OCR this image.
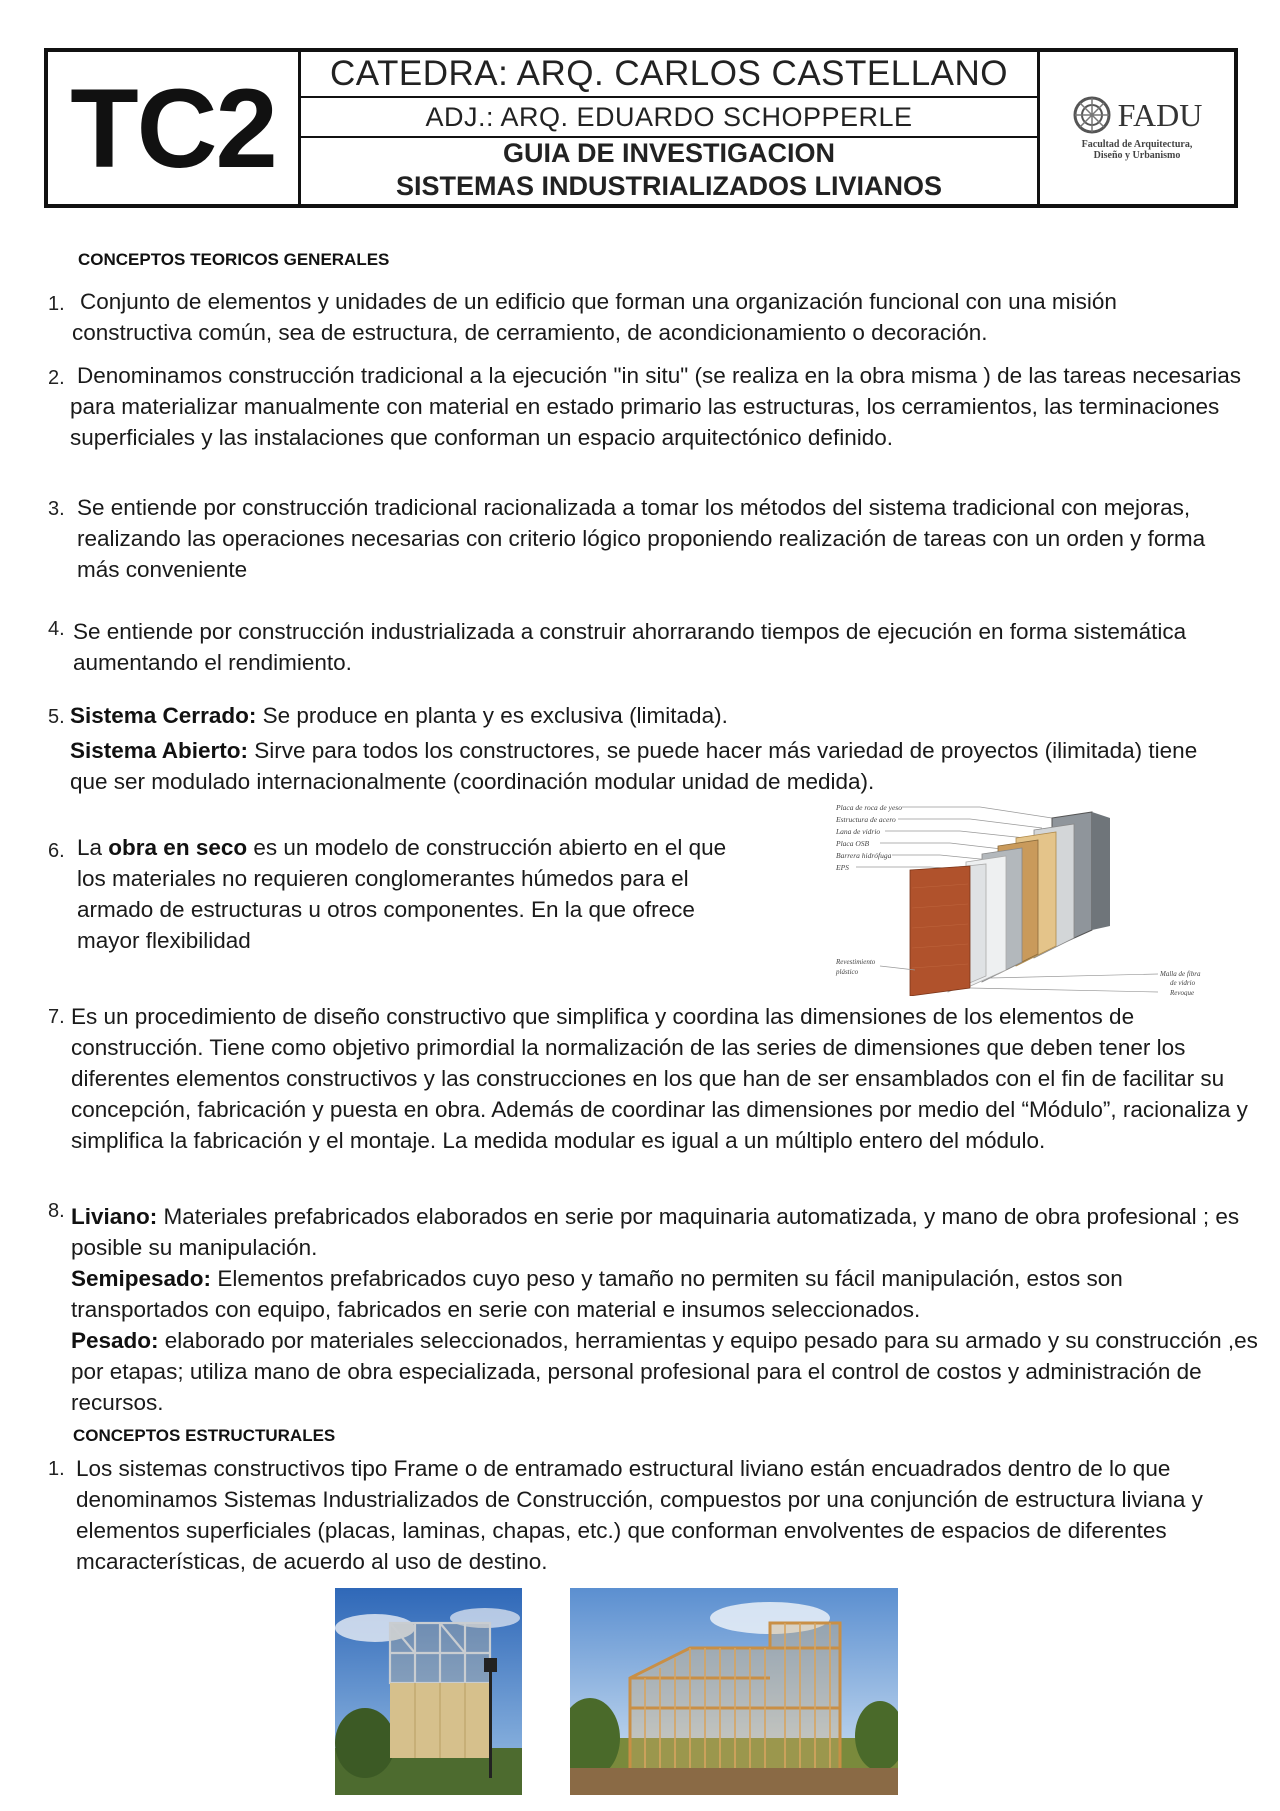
TC2	CATEDRA: ARQ. CARLOS CASTELLANO
ADJ.: ARQ. EDUARDO SCHOPPERLE
GUIA DE INVESTIGACION
SISTEMAS INDUSTRIALIZADOS LIVIANOS
FADU
Facultad de Arquitectura,
Diseño y Urbanismo
CONCEPTOS TEORICOS GENERALES
1. Conjunto de elementos y unidades de un edificio que forman una organización funcional con una misión constructiva común, sea de estructura, de cerramiento, de acondicionamiento o decoración.
2. Denominamos construcción tradicional a la ejecución "in situ" (se realiza en la obra misma ) de las tareas necesarias para materializar manualmente con material en estado primario las estructuras, los cerramientos, las terminaciones superficiales y las instalaciones que conforman un espacio arquitectónico definido.
3. Se entiende por construcción tradicional racionalizada a tomar los métodos del sistema tradicional con mejoras, realizando las operaciones necesarias con criterio lógico proponiendo realización de tareas con un orden y forma más conveniente
4. Se entiende por construcción industrializada a construir ahorrarando tiempos de ejecución en forma sistemática aumentando el rendimiento.
5. Sistema Cerrado: Se produce en planta y es exclusiva (limitada).
Sistema Abierto: Sirve para todos los constructores, se puede hacer más variedad de proyectos (ilimitada) tiene que ser modulado internacionalmente (coordinación modular unidad de medida).
6. La obra en seco es un modelo de construcción abierto en el que los materiales no requieren conglomerantes húmedos para el armado de estructuras u otros componentes. En la que ofrece mayor flexibilidad
Placa de roca de yeso
Estructura de acero
Lana de vidrio
Placa OSB
Barrera hidrófuga
EPS
Revestimiento
plástico	Malla de fibra
de vidrio
Revoque
7. Es un procedimiento de diseño constructivo que simplifica y coordina las dimensiones de los elementos de construcción. Tiene como objetivo primordial la normalización de las series de dimensiones que deben tener los diferentes elementos constructivos y las construcciones en los que han de ser ensamblados con el fin de facilitar su concepción, fabricación y puesta en obra. Además de coordinar las dimensiones por medio del “Módulo”, racionaliza y simplifica la fabricación y el montaje. La medida modular es igual a un múltiplo entero del módulo.
8. Liviano: Materiales prefabricados elaborados en serie por maquinaria automatizada, y mano de obra profesional ; es posible su manipulación.
Semipesado: Elementos prefabricados cuyo peso y tamaño no permiten su fácil manipulación, estos son transportados con equipo, fabricados en serie con material e insumos seleccionados.
Pesado: elaborado por materiales seleccionados, herramientas y equipo pesado para su armado y su construcción ,es por etapas; utiliza mano de obra especializada, personal profesional para el control de costos y administración de recursos.
CONCEPTOS ESTRUCTURALES
1. Los sistemas constructivos tipo Frame o de entramado estructural liviano están encuadrados dentro de lo que denominamos Sistemas Industrializados de Construcción, compuestos por una conjunción de estructura liviana y elementos superficiales (placas, laminas, chapas, etc.) que conforman envolventes de espacios de diferentes mcaracterísticas, de acuerdo al uso de destino.
